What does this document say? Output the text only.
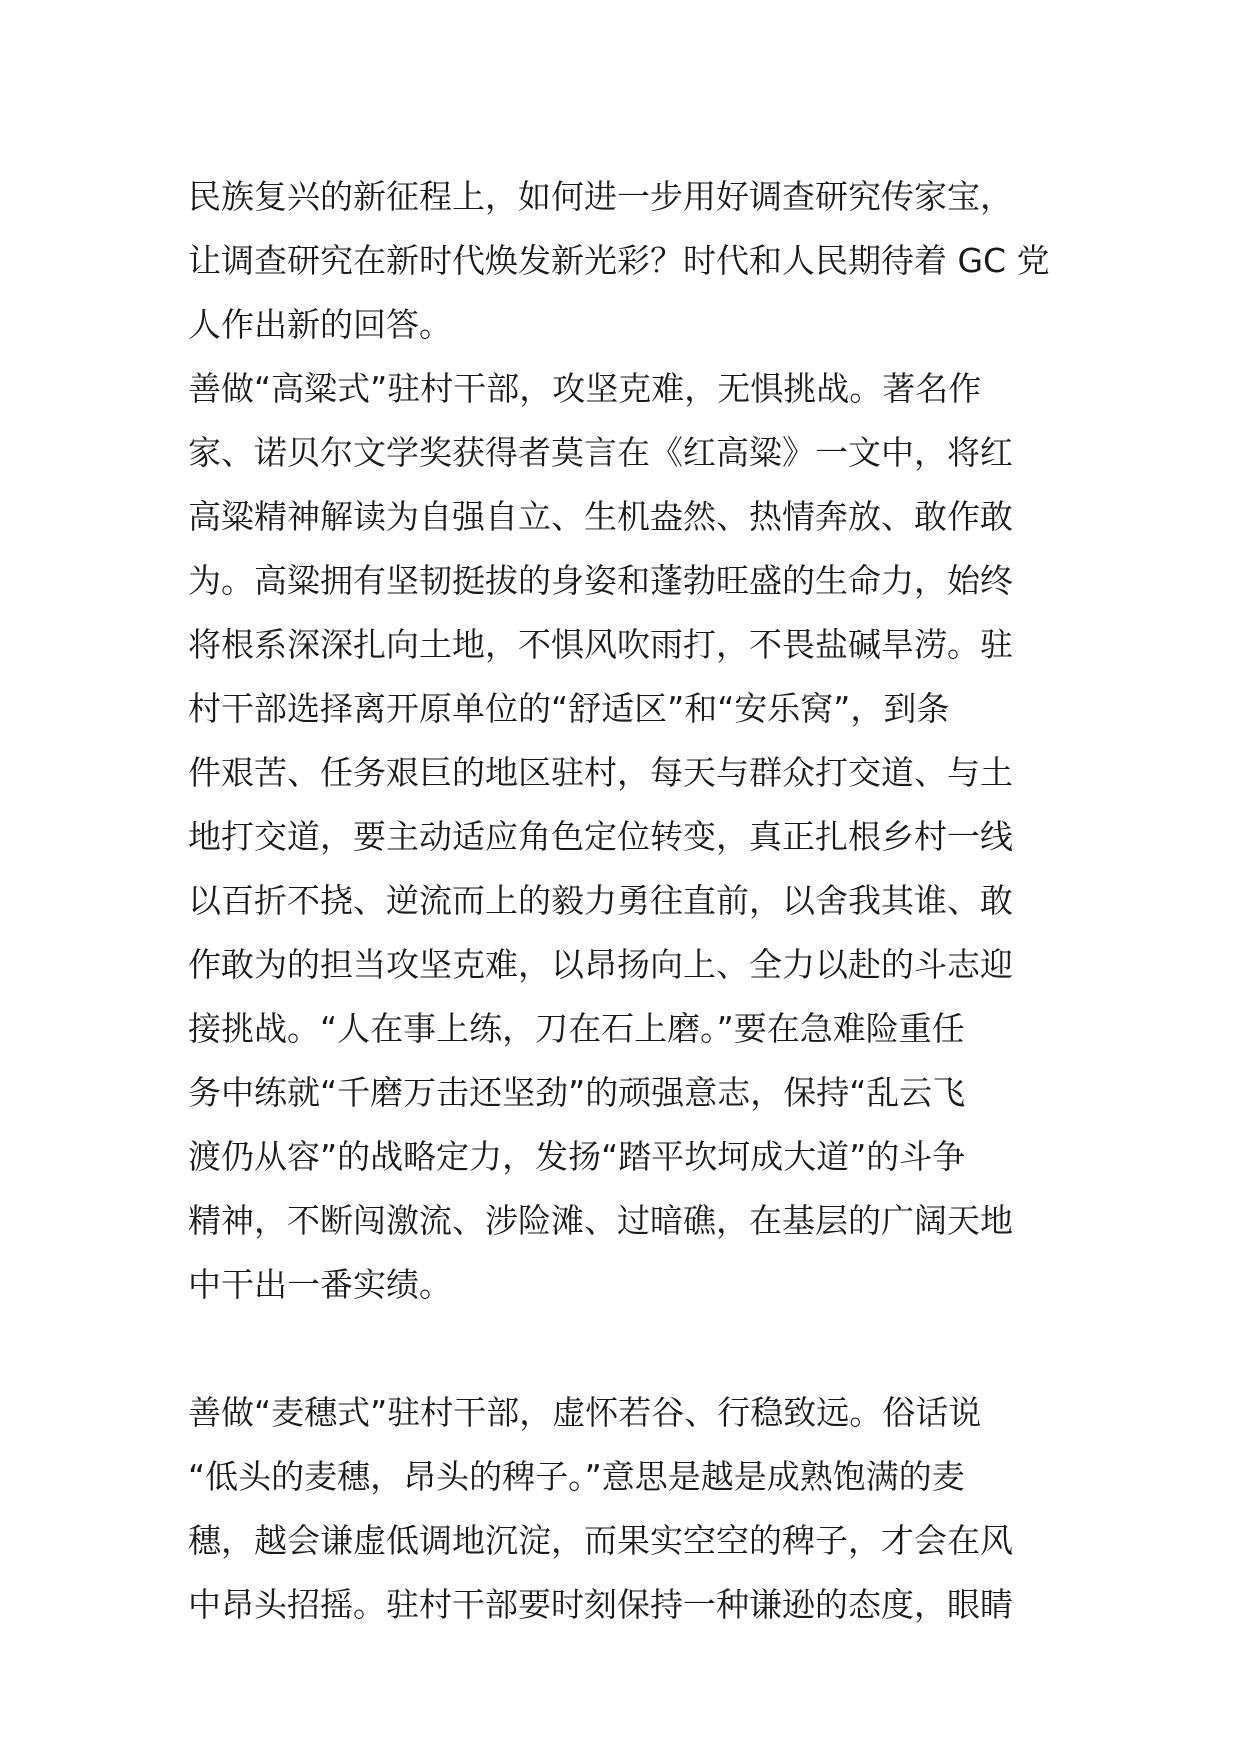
民族复兴的新征程上，如何进一步用好调查研究传家宝，
让调查研究在新时代焕发新光彩？时代和人民期待着 GC 党
人作出新的回答。
善做“高粱式”驻村干部，攻坚克难，无惧挑战。著名作
家、诺贝尔文学奖获得者莫言在《红高粱》一文中，将红
高粱精神解读为自强自立、生机盎然、热情奔放、敢作敢
为。高粱拥有坚韧挺拔的身姿和蓬勃旺盛的生命力，始终
将根系深深扎向土地，不惧风吹雨打，不畏盐碱旱涝。驻
村干部选择离开原单位的“舒适区”和“安乐窝”，到条
件艰苦、任务艰巨的地区驻村，每天与群众打交道、与土
地打交道，要主动适应角色定位转变，真正扎根乡村一线
以百折不挠、逆流而上的毅力勇往直前，以舍我其谁、敢
作敢为的担当攻坚克难，以昂扬向上、全力以赴的斗志迎
接挑战。“人在事上练，刀在石上磨。”要在急难险重任
务中练就“千磨万击还坚劲”的顽强意志，保持“乱云飞
渡仍从容”的战略定力，发扬“踏平坎坷成大道”的斗争
精神，不断闯激流、涉险滩、过暗礁，在基层的广阔天地
中干出一番实绩。
善做“麦穗式”驻村干部，虚怀若谷、行稳致远。俗话说
“低头的麦穗，昂头的稗子。”意思是越是成熟饱满的麦
穗，越会谦虚低调地沉淀，而果实空空的稗子，才会在风
中昂头招摇。驻村干部要时刻保持一种谦逊的态度，眼睛
